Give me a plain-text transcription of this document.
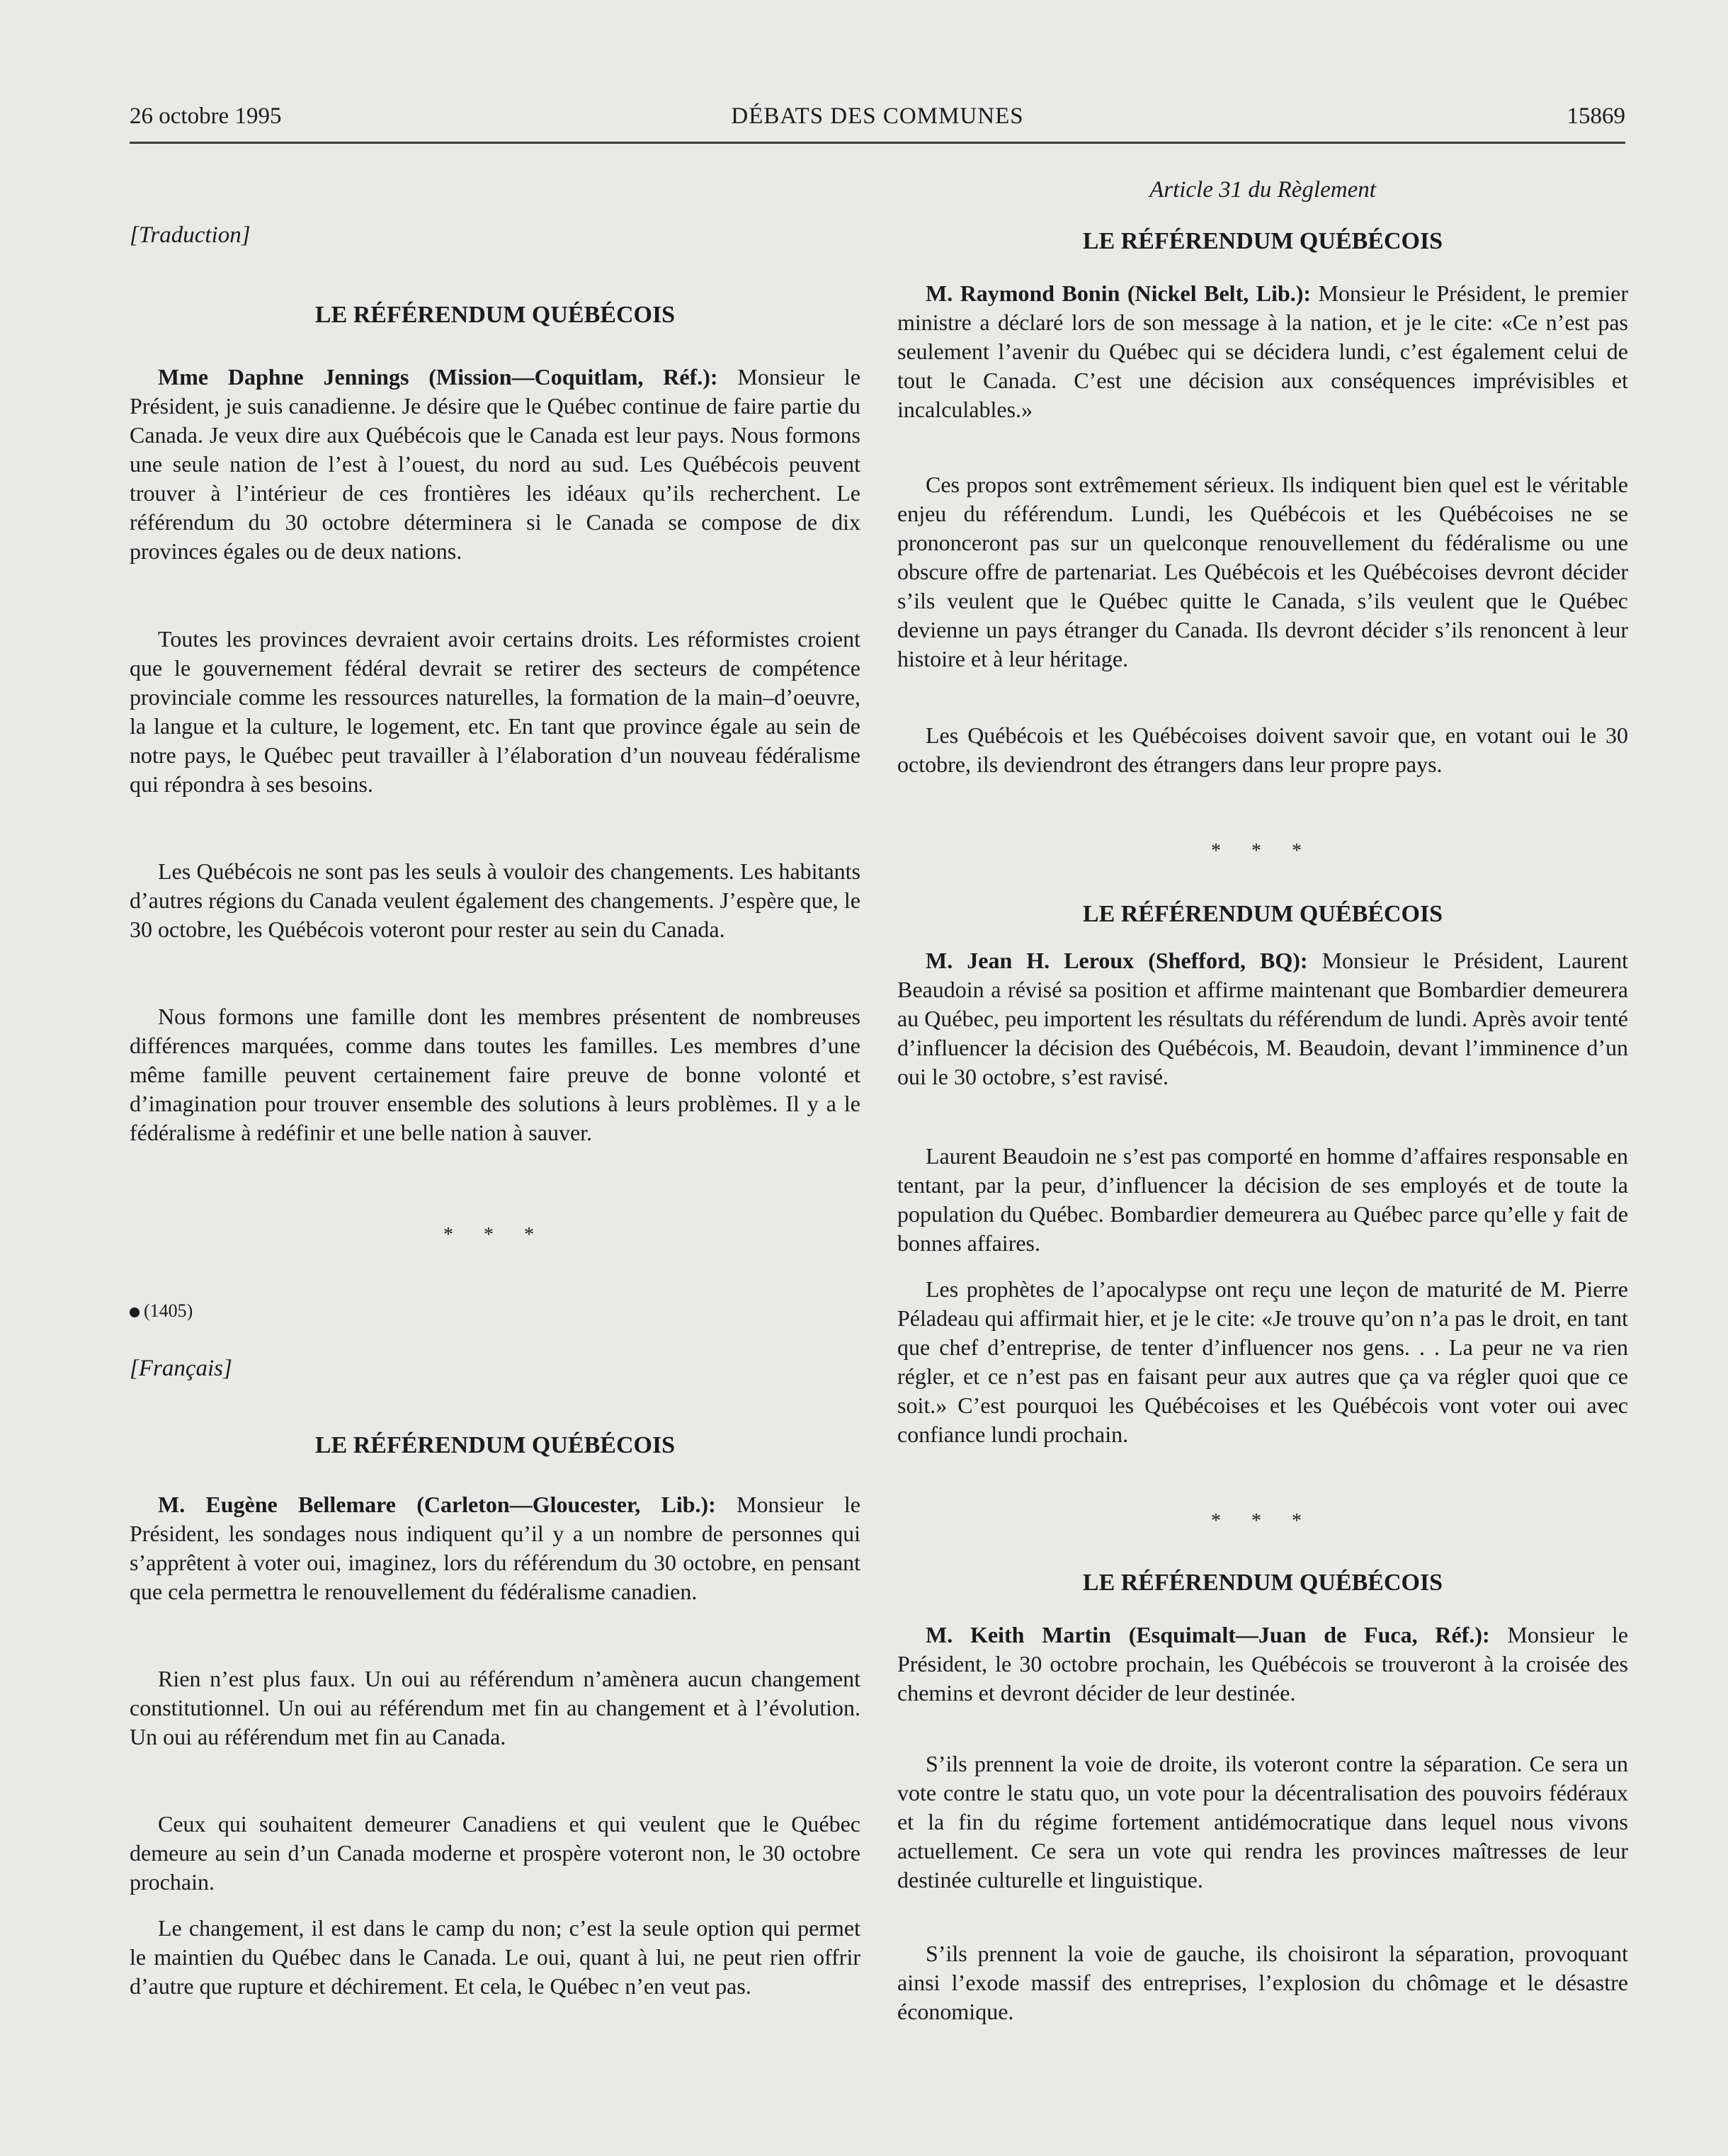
26 octobre 1995	DÉBATS DES COMMUNES	15869

[Traduction]

LE RÉFÉRENDUM QUÉBÉCOIS

Mme Daphne Jennings (Mission—Coquitlam, Réf.): Monsieur le Président, je suis canadienne. Je désire que le Québec continue de faire partie du Canada. Je veux dire aux Québécois que le Canada est leur pays. Nous formons une seule nation de l’est à l’ouest, du nord au sud. Les Québécois peuvent trouver à l’intérieur de ces frontières les idéaux qu’ils recherchent. Le référendum du 30 octobre déterminera si le Canada se compose de dix provinces égales ou de deux nations.

Toutes les provinces devraient avoir certains droits. Les réformistes croient que le gouvernement fédéral devrait se retirer des secteurs de compétence provinciale comme les ressources naturelles, la formation de la main–d’oeuvre, la langue et la culture, le logement, etc. En tant que province égale au sein de notre pays, le Québec peut travailler à l’élaboration d’un nouveau fédéralisme qui répondra à ses besoins.

Les Québécois ne sont pas les seuls à vouloir des changements. Les habitants d’autres régions du Canada veulent également des changements. J’espère que, le 30 octobre, les Québécois voteront pour rester au sein du Canada.

Nous formons une famille dont les membres présentent de nombreuses différences marquées, comme dans toutes les familles. Les membres d’une même famille peuvent certainement faire preuve de bonne volonté et d’imagination pour trouver ensemble des solutions à leurs problèmes. Il y a le fédéralisme à redéfinir et une belle nation à sauver.

* * *
(1405)

[Français]

LE RÉFÉRENDUM QUÉBÉCOIS

M. Eugène Bellemare (Carleton—Gloucester, Lib.): Monsieur le Président, les sondages nous indiquent qu’il y a un nombre de personnes qui s’apprêtent à voter oui, imaginez, lors du référendum du 30 octobre, en pensant que cela permettra le renouvellement du fédéralisme canadien.

Rien n’est plus faux. Un oui au référendum n’amènera aucun changement constitutionnel. Un oui au référendum met fin au changement et à l’évolution. Un oui au référendum met fin au Canada.

Ceux qui souhaitent demeurer Canadiens et qui veulent que le Québec demeure au sein d’un Canada moderne et prospère voteront non, le 30 octobre prochain.

Le changement, il est dans le camp du non; c’est la seule option qui permet le maintien du Québec dans le Canada. Le oui, quant à lui, ne peut rien offrir d’autre que rupture et déchirement. Et cela, le Québec n’en veut pas.

Article 31 du Règlement

LE RÉFÉRENDUM QUÉBÉCOIS

M. Raymond Bonin (Nickel Belt, Lib.): Monsieur le Président, le premier ministre a déclaré lors de son message à la nation, et je le cite: «Ce n’est pas seulement l’avenir du Québec qui se décidera lundi, c’est également celui de tout le Canada. C’est une décision aux conséquences imprévisibles et incalculables.»

Ces propos sont extrêmement sérieux. Ils indiquent bien quel est le véritable enjeu du référendum. Lundi, les Québécois et les Québécoises ne se prononceront pas sur un quelconque renouvellement du fédéralisme ou une obscure offre de partenariat. Les Québécois et les Québécoises devront décider s’ils veulent que le Québec quitte le Canada, s’ils veulent que le Québec devienne un pays étranger du Canada. Ils devront décider s’ils renoncent à leur histoire et à leur héritage.

Les Québécois et les Québécoises doivent savoir que, en votant oui le 30 octobre, ils deviendront des étrangers dans leur propre pays.

* * *

LE RÉFÉRENDUM QUÉBÉCOIS

M. Jean H. Leroux (Shefford, BQ): Monsieur le Président, Laurent Beaudoin a révisé sa position et affirme maintenant que Bombardier demeurera au Québec, peu importent les résultats du référendum de lundi. Après avoir tenté d’influencer la décision des Québécois, M. Beaudoin, devant l’imminence d’un oui le 30 octobre, s’est ravisé.

Laurent Beaudoin ne s’est pas comporté en homme d’affaires responsable en tentant, par la peur, d’influencer la décision de ses employés et de toute la population du Québec. Bombardier demeurera au Québec parce qu’elle y fait de bonnes affaires.

Les prophètes de l’apocalypse ont reçu une leçon de maturité de M. Pierre Péladeau qui affirmait hier, et je le cite: «Je trouve qu’on n’a pas le droit, en tant que chef d’entreprise, de tenter d’influencer nos gens. . . La peur ne va rien régler, et ce n’est pas en faisant peur aux autres que ça va régler quoi que ce soit.» C’est pourquoi les Québécoises et les Québécois vont voter oui avec confiance lundi prochain.

* * *

LE RÉFÉRENDUM QUÉBÉCOIS

M. Keith Martin (Esquimalt—Juan de Fuca, Réf.): Monsieur le Président, le 30 octobre prochain, les Québécois se trouveront à la croisée des chemins et devront décider de leur destinée.

S’ils prennent la voie de droite, ils voteront contre la séparation. Ce sera un vote contre le statu quo, un vote pour la décentralisation des pouvoirs fédéraux et la fin du régime fortement antidémocratique dans lequel nous vivons actuellement. Ce sera un vote qui rendra les provinces maîtresses de leur destinée culturelle et linguistique.

S’ils prennent la voie de gauche, ils choisiront la séparation, provoquant ainsi l’exode massif des entreprises, l’explosion du chômage et le désastre économique.
